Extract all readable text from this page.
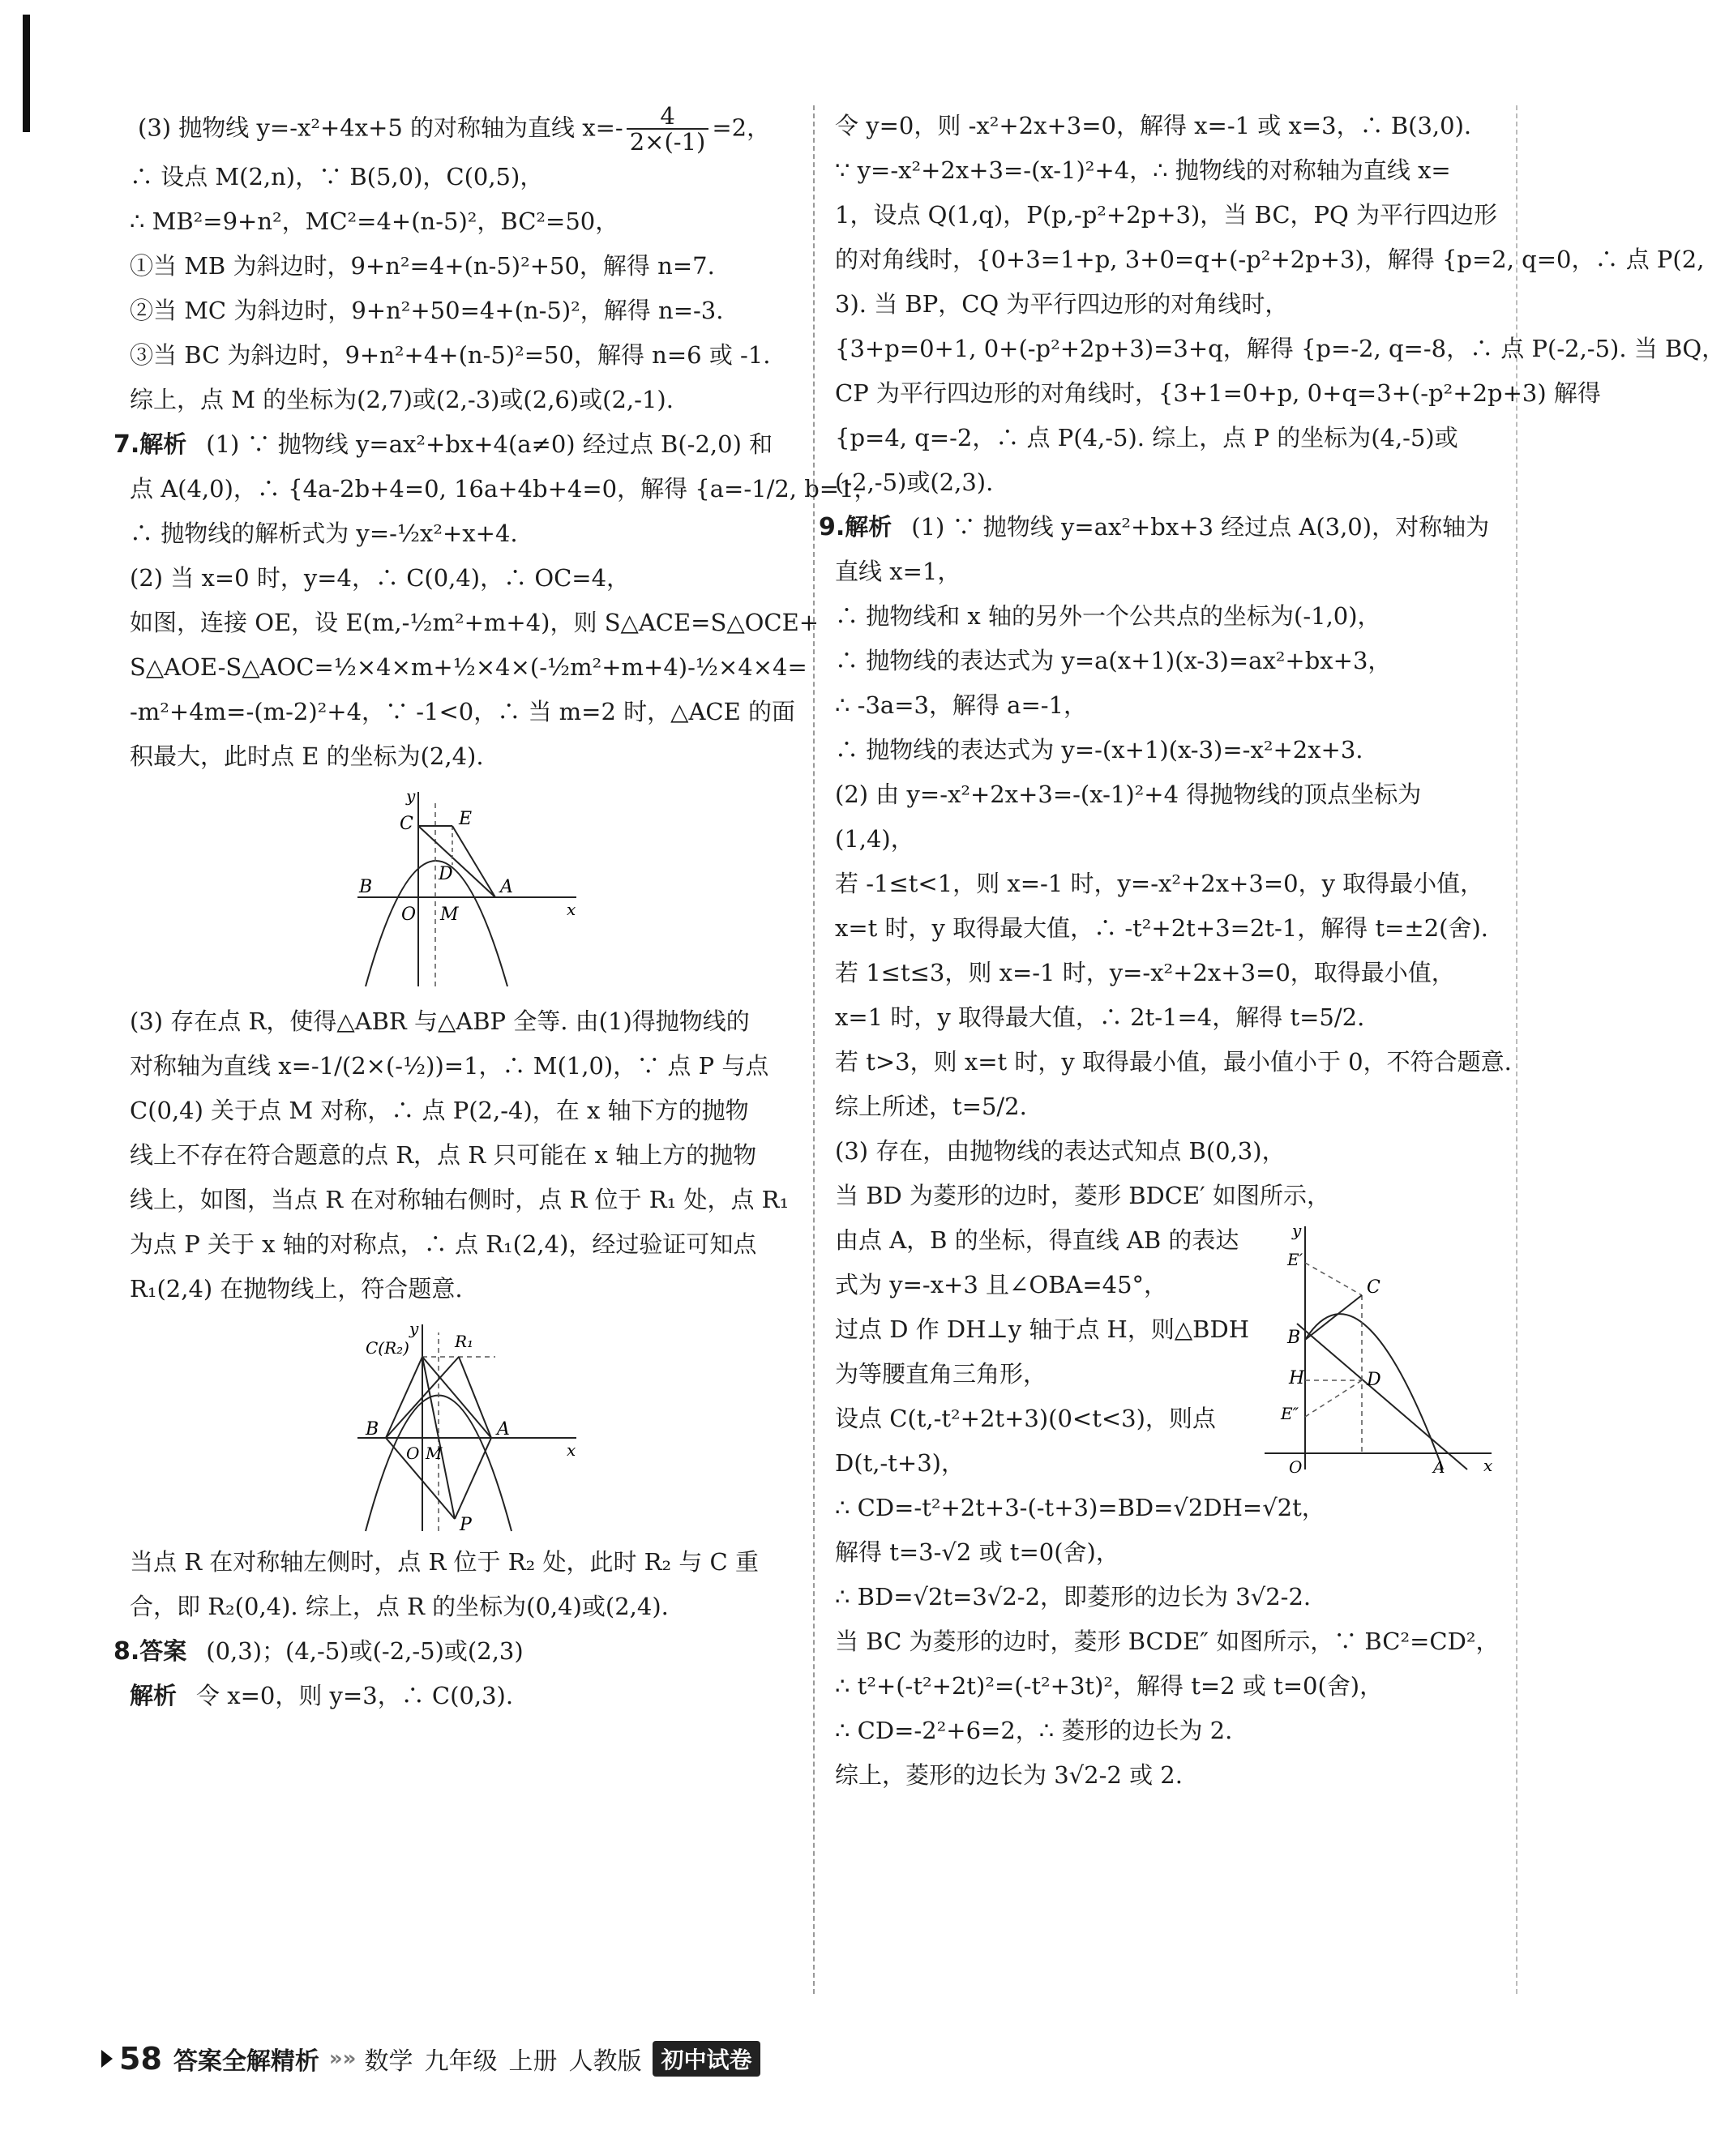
(3) 抛物线 y=-x²+4x+5 的对称轴为直线 $x=- \frac{4}{2\times(-1)} =2$，
∴ 设点 M(2,n)，∵ B(5,0)，C(0,5)，
∴ MB²=9+n²，MC²=4+(n-5)²，BC²=50，
①当 MB 为斜边时，9+n²=4+(n-5)²+50，解得 n=7.
②当 MC 为斜边时，9+n²+50=4+(n-5)²，解得 n=-3.
③当 BC 为斜边时，9+n²+4+(n-5)²=50，解得 n=6 或 -1.
综上，点 M 的坐标为(2,7)或(2,-3)或(2,6)或(2,-1).
7.解析 (1) ∵ 抛物线 y=ax²+bx+4(a≠0) 经过点 B(-2,0) 和
点 A(4,0)，∴ {4a-2b+4=0, 16a+4b+4=0，解得 {a=-1/2, b=1，
∴ 抛物线的解析式为 y=-½x²+x+4.
(2) 当 x=0 时，y=4，∴ C(0,4)，∴ OC=4，
如图，连接 OE，设 E(m,-½m²+m+4)，则 S△ACE=S△OCE+
S△AOE-S△AOC=½×4×m+½×4×(-½m²+m+4)-½×4×4=
-m²+4m=-(m-2)²+4，∵ -1<0，∴ 当 m=2 时，△ACE 的面
积最大，此时点 E 的坐标为(2,4).
y
x
C	E
D
B	A
O M
(3) 存在点 R，使得△ABR 与△ABP 全等. 由(1)得抛物线的
对称轴为直线 x=-1/(2×(-½))=1，∴ M(1,0)，∵ 点 P 与点
C(0,4) 关于点 M 对称，∴ 点 P(2,-4)，在 x 轴下方的抛物
线上不存在符合题意的点 R，点 R 只可能在 x 轴上方的抛物
线上，如图，当点 R 在对称轴右侧时，点 R 位于 R₁ 处，点 R₁
为点 P 关于 x 轴的对称点，∴ 点 R₁(2,4)，经过验证可知点
R₁(2,4) 在抛物线上，符合题意.
y
x
C(R₂)	R₁
B	A
O M
P
当点 R 在对称轴左侧时，点 R 位于 R₂ 处，此时 R₂ 与 C 重
合，即 R₂(0,4). 综上，点 R 的坐标为(0,4)或(2,4).
8.答案 (0,3)；(4,-5)或(-2,-5)或(2,3)
解析 令 x=0，则 y=3，∴ C(0,3).
令 y=0，则 -x²+2x+3=0，解得 x=-1 或 x=3，∴ B(3,0).
∵ y=-x²+2x+3=-(x-1)²+4，∴ 抛物线的对称轴为直线 x=
1，设点 Q(1,q)，P(p,-p²+2p+3)，当 BC，PQ 为平行四边形
的对角线时，{0+3=1+p, 3+0=q+(-p²+2p+3)，解得 {p=2, q=0，∴ 点 P(2,
3). 当 BP，CQ 为平行四边形的对角线时，
{3+p=0+1, 0+(-p²+2p+3)=3+q，解得 {p=-2, q=-8，∴ 点 P(-2,-5). 当 BQ，
CP 为平行四边形的对角线时，{3+1=0+p, 0+q=3+(-p²+2p+3) 解得
{p=4, q=-2，∴ 点 P(4,-5). 综上，点 P 的坐标为(4,-5)或
(-2,-5)或(2,3).
9.解析 (1) ∵ 抛物线 y=ax²+bx+3 经过点 A(3,0)，对称轴为
直线 x=1，
∴ 抛物线和 x 轴的另外一个公共点的坐标为(-1,0)，
∴ 抛物线的表达式为 y=a(x+1)(x-3)=ax²+bx+3，
∴ -3a=3，解得 a=-1，
∴ 抛物线的表达式为 y=-(x+1)(x-3)=-x²+2x+3.
(2) 由 y=-x²+2x+3=-(x-1)²+4 得抛物线的顶点坐标为
(1,4)，
若 -1≤t<1，则 x=-1 时，y=-x²+2x+3=0，y 取得最小值，
x=t 时，y 取得最大值，∴ -t²+2t+3=2t-1，解得 t=±2(舍).
若 1≤t≤3，则 x=-1 时，y=-x²+2x+3=0，取得最小值，
x=1 时，y 取得最大值，∴ 2t-1=4，解得 t=5/2.
若 t>3，则 x=t 时，y 取得最小值，最小值小于 0，不符合题意.
综上所述，t=5/2.
(3) 存在，由抛物线的表达式知点 B(0,3)，
当 BD 为菱形的边时，菱形 BDCE′ 如图所示，
由点 A，B 的坐标，得直线 AB 的表达
式为 y=-x+3 且∠OBA=45°，
过点 D 作 DH⊥y 轴于点 H，则△BDH
为等腰直角三角形，
设点 C(t,-t²+2t+3)(0<t<3)，则点
D(t,-t+3)，
y
x
E′
C
B
H	D
E″
O	A
∴ CD=-t²+2t+3-(-t+3)=BD=√2DH=√2t，
解得 t=3-√2 或 t=0(舍)，
∴ BD=√2t=3√2-2，即菱形的边长为 3√2-2.
当 BC 为菱形的边时，菱形 BCDE″ 如图所示，∵ BC²=CD²，
∴ t²+(-t²+2t)²=(-t²+3t)²，解得 t=2 或 t=0(舍)，
∴ CD=-2²+6=2，∴ 菱形的边长为 2.
综上，菱形的边长为 3√2-2 或 2.
58 答案全解精析 »» 数学 九年级 上册 人教版 初中试卷
